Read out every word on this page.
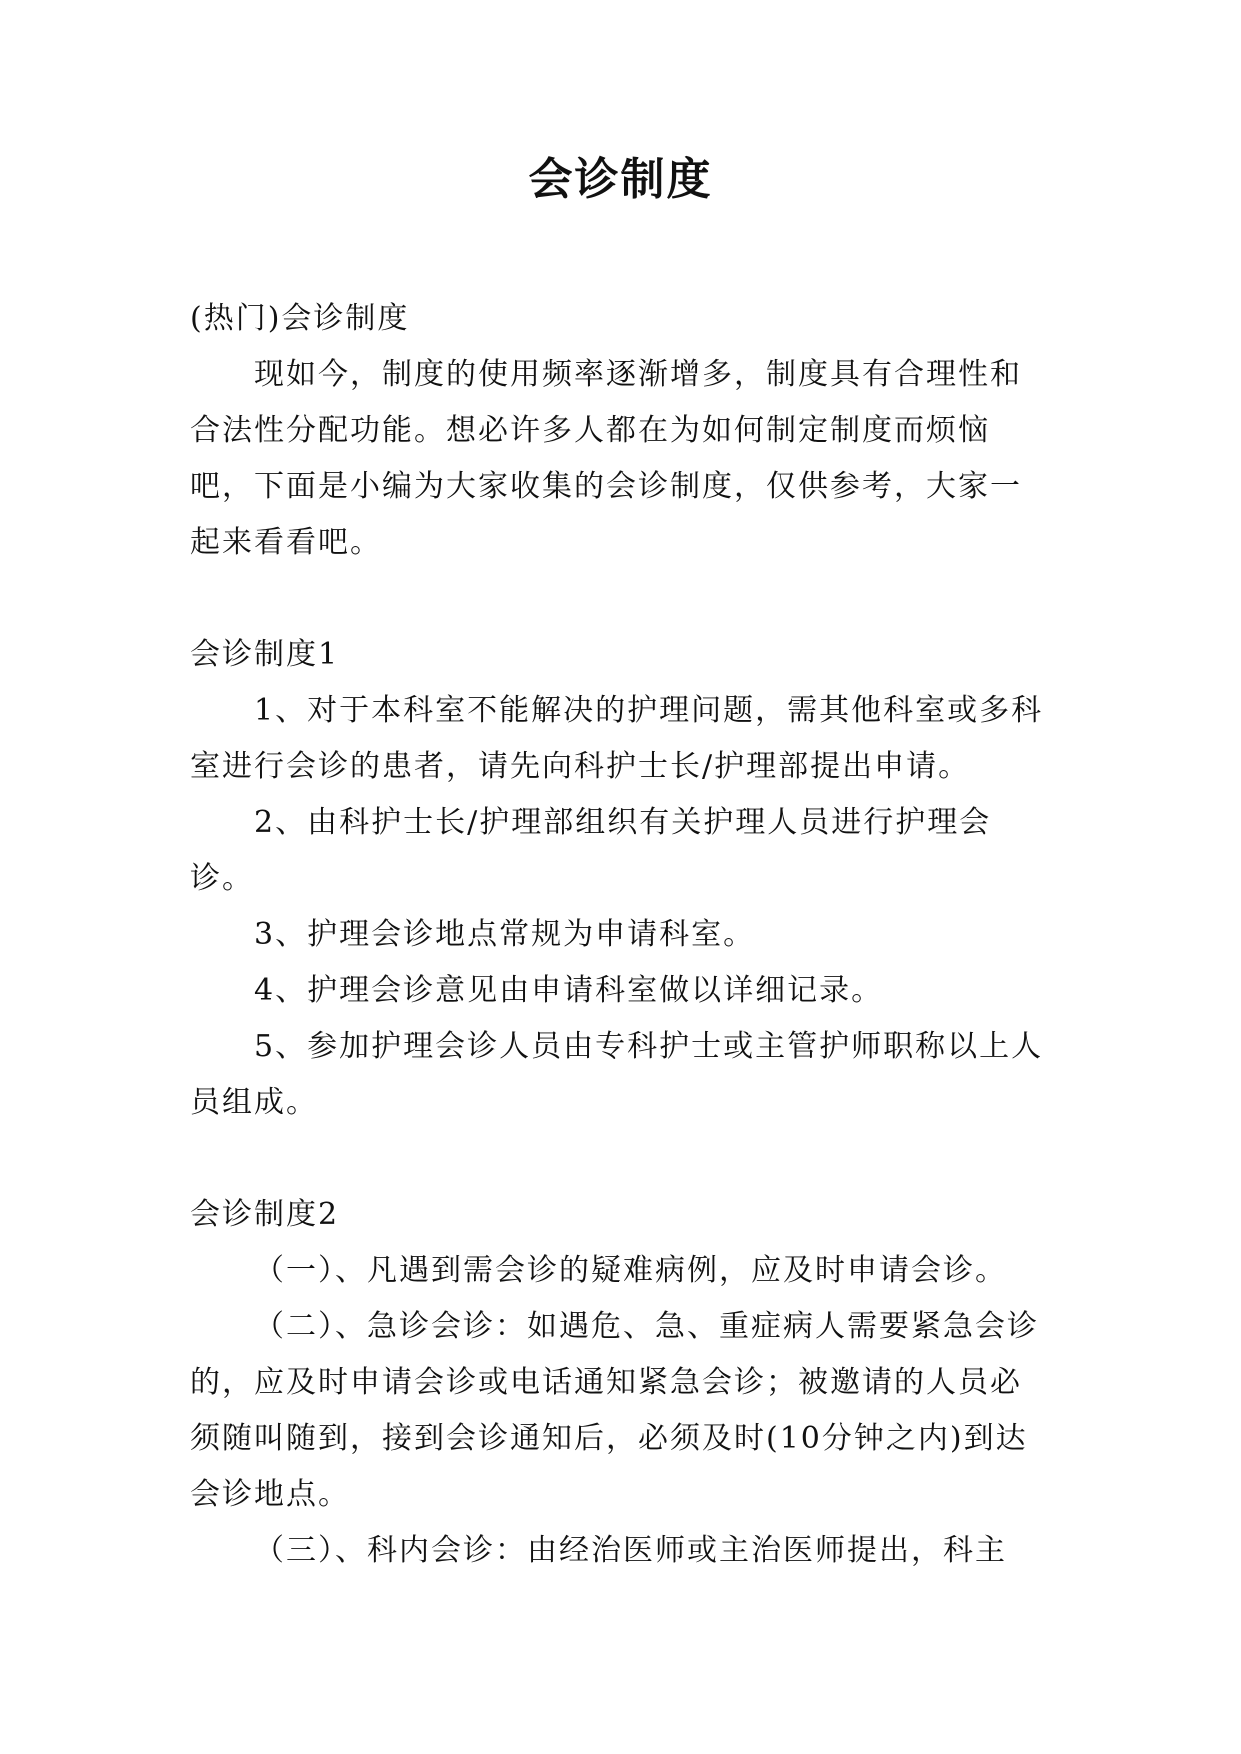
会诊制度

(热门)会诊制度

现如今，制度的使用频率逐渐增多，制度具有合理性和合法性分配功能。想必许多人都在为如何制定制度而烦恼吧，下面是小编为大家收集的会诊制度，仅供参考，大家一起来看看吧。

会诊制度1

1、对于本科室不能解决的护理问题，需其他科室或多科室进行会诊的患者，请先向科护士长/护理部提出申请。

2、由科护士长/护理部组织有关护理人员进行护理会诊。

3、护理会诊地点常规为申请科室。

4、护理会诊意见由申请科室做以详细记录。

5、参加护理会诊人员由专科护士或主管护师职称以上人员组成。

会诊制度2

（一）、凡遇到需会诊的疑难病例，应及时申请会诊。

（二）、急诊会诊：如遇危、急、重症病人需要紧急会诊的，应及时申请会诊或电话通知紧急会诊；被邀请的人员必须随叫随到，接到会诊通知后，必须及时(10分钟之内)到达会诊地点。

（三）、科内会诊：由经治医师或主治医师提出，科主
